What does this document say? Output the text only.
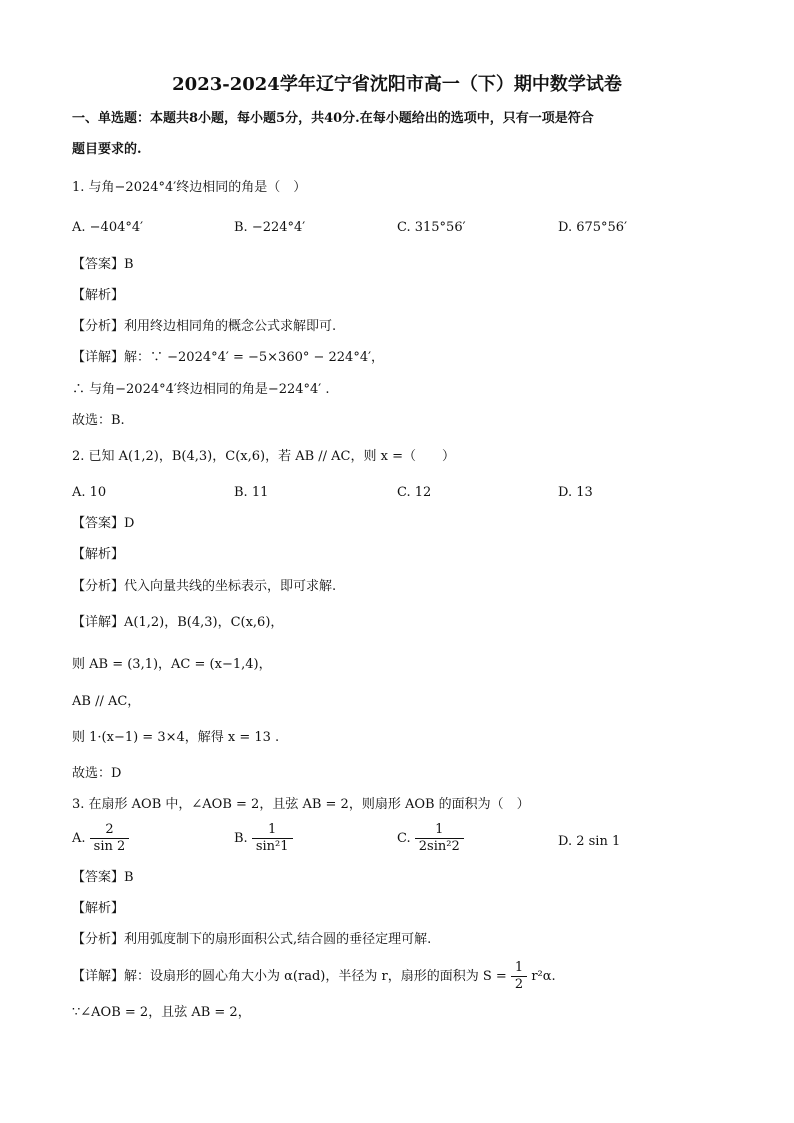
2023-2024学年辽宁省沈阳市高一（下）期中数学试卷
一、单选题：本题共8小题，每小题5分，共40分.在每小题给出的选项中，只有一项是符合
题目要求的.
1. 与角−2024°4′终边相同的角是（　）
A. −404°4′	B. −224°4′	C. 315°56′	D. 675°56′
【答案】B
【解析】
【分析】利用终边相同角的概念公式求解即可.
【详解】解：∵ −2024°4′ = −5×360° − 224°4′，
∴ 与角−2024°4′终边相同的角是−224°4′ .
故选：B.
2. 已知 A(1,2)，B(4,3)，C(x,6)，若 AB // AC，则 x =（　　）
A. 10	B. 11	C. 12	D. 13
【答案】D
【解析】
【分析】代入向量共线的坐标表示，即可求解.
【详解】A(1,2)，B(4,3)，C(x,6)，
则 AB = (3,1)，AC = (x−1,4)，
AB // AC，
则 1·(x−1) = 3×4，解得 x = 13 .
故选：D
3. 在扇形 AOB 中，∠AOB = 2，且弦 AB = 2，则扇形 AOB 的面积为（　）
A. $\frac{2}{\sin 2}$	B. $\frac{1}{\text{sin²1}}$	C. $\frac{1}{\text{2sin²2}}$	D. 2 sin 1
【答案】B
【解析】
【分析】利用弧度制下的扇形面积公式,结合圆的垂径定理可解.
【详解】解：设扇形的圆心角大小为 α(rad)，半径为 r，扇形的面积为 $S = \frac{1}{2} r^2\alpha$.
∵∠AOB = 2，且弦 AB = 2，
